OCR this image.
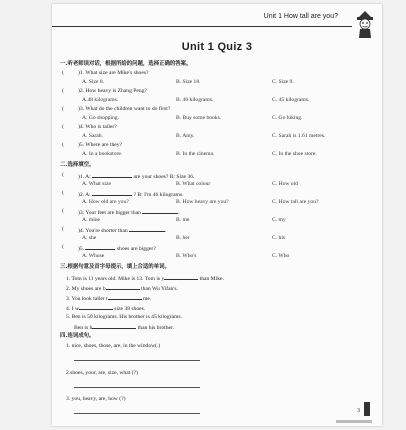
Unit 1 How tall are you?
Unit 1 Quiz 3
一.听老师读对话，根据所给的问题，选择正确的答案。
(	)1. What size are Mike's shoes?
A. Size 8.	B. Size 18.	C. Size 9.
(	)2. How heavy is Zhang Peng?
A.48 kilograms.	B. 46 kilograms.	C. 45 kilograms.
(	)3. What do the children want to do first?
A. Go shopping.	B. Buy some books.	C. Go hiking.
(	)4. Who is taller?
A. Sarah.	B. Amy.	C. Sarah is 1.61 metres.
(	)5. Where are they?
A. In a bookstore.	B. In the cinema.	C. In the shoe store.
二.选择填空。
(	)1. A:	are your shoes? B: Size 36.
A. What size	B. What colour	C. How old
(	)2. A:	? B: I'm 46 kilograms.
A. How old are you?	B. How heavy are you?	C. How tall are you?
(	)3. Your feet are bigger than	.
A. mine	B. me	C. my
(	)4. You're shorter than	.
A. she	B. her	C. his
(	)5.	shoes are bigger?
A. Whose	B. Who's	C. Who
三.根据句意及首字母提示，填上合适的单词。
1. Tom is 11 years old. Mike is 13. Tom is y	than Mike.
2. My shoes are b	than Wu Yifan's.
3. You look taller t	me.
4. I w	size 38 shoes.
5. Ben is 50 kilograms. His brother is 45 kilograms.
Ben is h	than his brother.
四.连词成句。
1. nice, shoes, those, are, in the window(.)
2.shoes, your, are, size, what (?)
3. you, heavy, are, how (?)
3
